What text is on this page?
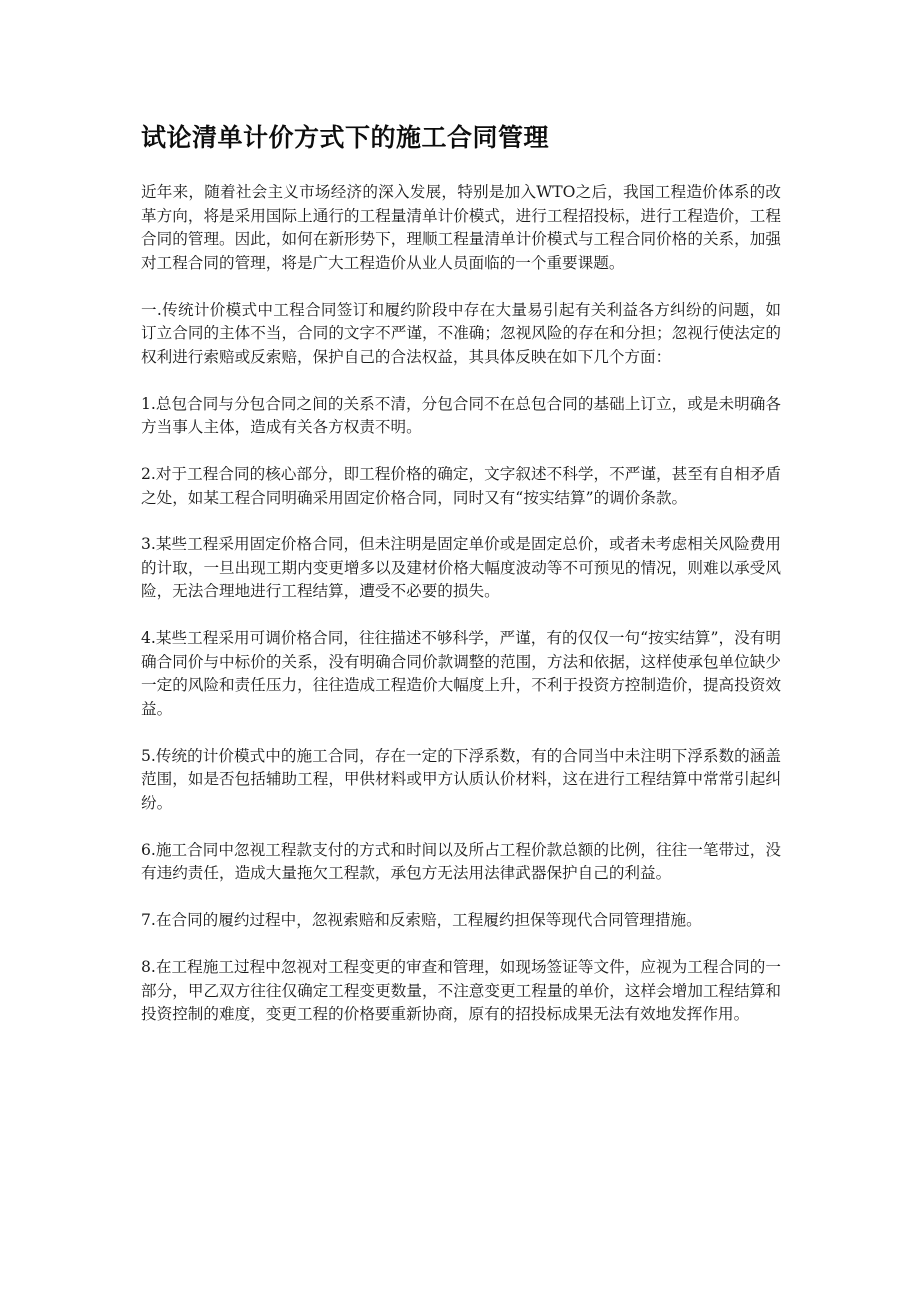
试论清单计价方式下的施工合同管理

近年来，随着社会主义市场经济的深入发展，特别是加入WTO之后，我国工程造价体系的改革方向，将是采用国际上通行的工程量清单计价模式，进行工程招投标，进行工程造价，工程合同的管理。因此，如何在新形势下，理顺工程量清单计价模式与工程合同价格的关系，加强对工程合同的管理，将是广大工程造价从业人员面临的一个重要课题。

一.传统计价模式中工程合同签订和履约阶段中存在大量易引起有关利益各方纠纷的问题，如订立合同的主体不当，合同的文字不严谨，不准确；忽视风险的存在和分担；忽视行使法定的权利进行索赔或反索赔，保护自己的合法权益，其具体反映在如下几个方面：

1.总包合同与分包合同之间的关系不清，分包合同不在总包合同的基础上订立，或是未明确各方当事人主体，造成有关各方权责不明。

2.对于工程合同的核心部分，即工程价格的确定，文字叙述不科学，不严谨，甚至有自相矛盾之处，如某工程合同明确采用固定价格合同，同时又有“按实结算”的调价条款。

3.某些工程采用固定价格合同，但未注明是固定单价或是固定总价，或者未考虑相关风险费用的计取，一旦出现工期内变更增多以及建材价格大幅度波动等不可预见的情况，则难以承受风险，无法合理地进行工程结算，遭受不必要的损失。

4.某些工程采用可调价格合同，往往描述不够科学，严谨，有的仅仅一句“按实结算”，没有明确合同价与中标价的关系，没有明确合同价款调整的范围，方法和依据，这样使承包单位缺少一定的风险和责任压力，往往造成工程造价大幅度上升，不利于投资方控制造价，提高投资效益。

5.传统的计价模式中的施工合同，存在一定的下浮系数，有的合同当中未注明下浮系数的涵盖范围，如是否包括辅助工程，甲供材料或甲方认质认价材料，这在进行工程结算中常常引起纠纷。

6.施工合同中忽视工程款支付的方式和时间以及所占工程价款总额的比例，往往一笔带过，没有违约责任，造成大量拖欠工程款，承包方无法用法律武器保护自己的利益。

7.在合同的履约过程中，忽视索赔和反索赔，工程履约担保等现代合同管理措施。

8.在工程施工过程中忽视对工程变更的审查和管理，如现场签证等文件，应视为工程合同的一部分，甲乙双方往往仅确定工程变更数量，不注意变更工程量的单价，这样会增加工程结算和投资控制的难度，变更工程的价格要重新协商，原有的招投标成果无法有效地发挥作用。
